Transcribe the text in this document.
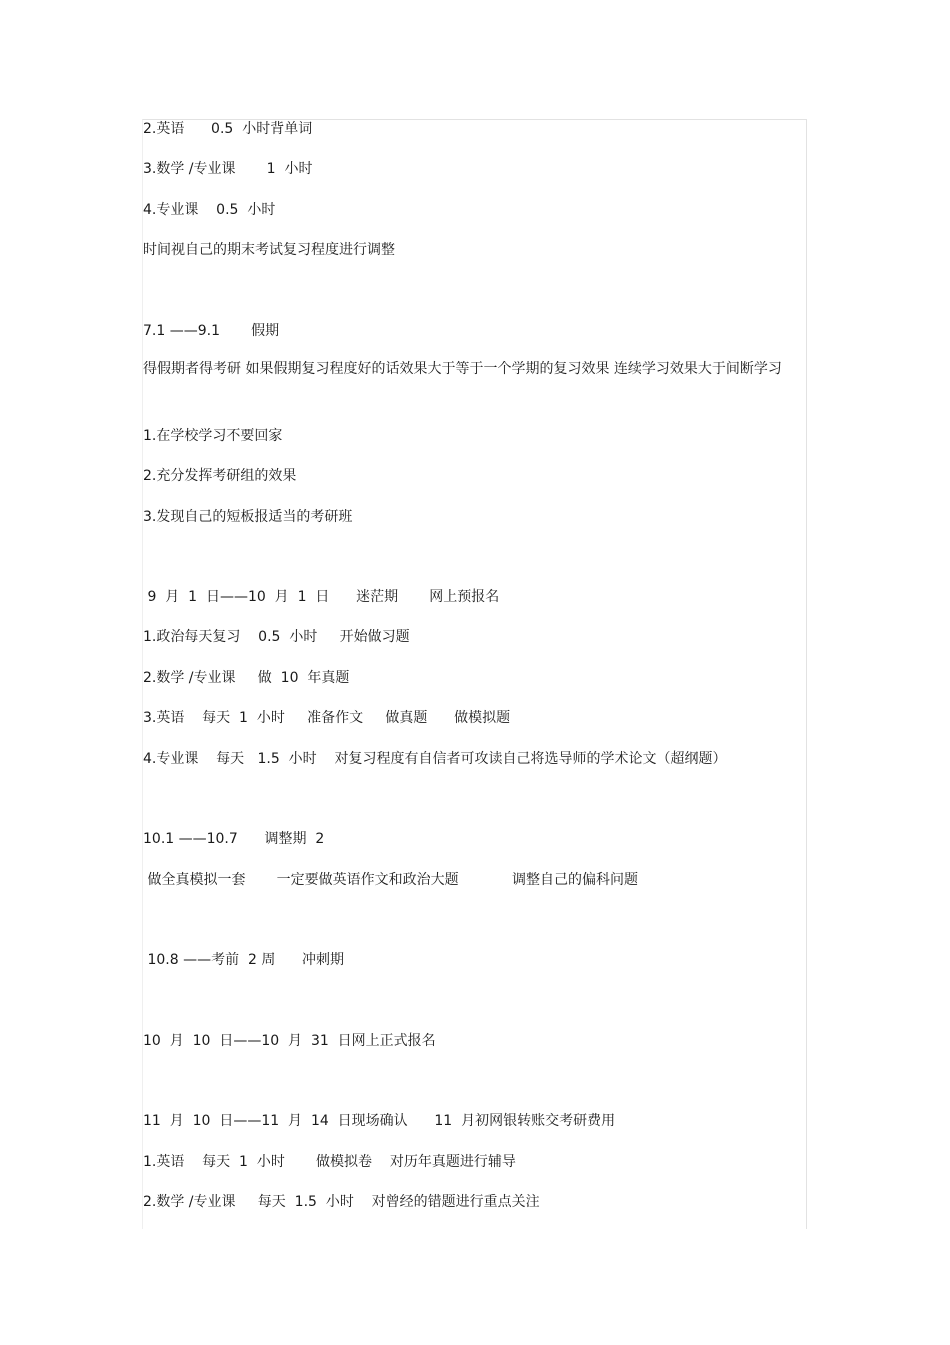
2.英语      0.5  小时背单词
3.数学 /专业课       1  小时
4.专业课    0.5  小时
时间视自己的期末考试复习程度进行调整
7.1 ——9.1       假期
得假期者得考研 如果假期复习程度好的话效果大于等于一个学期的复习效果 连续学习效果大于间断学习
1.在学校学习不要回家
2.充分发挥考研组的效果
3.发现自己的短板报适当的考研班
9  月  1  日——10  月  1  日      迷茫期       网上预报名
1.政治每天复习    0.5  小时     开始做习题
2.数学 /专业课     做  10  年真题
3.英语    每天  1  小时     准备作文     做真题      做模拟题
4.专业课    每天   1.5  小时    对复习程度有自信者可攻读自己将选导师的学术论文（超纲题）
10.1 ——10.7      调整期  2
做全真模拟一套       一定要做英语作文和政治大题            调整自己的偏科问题
10.8 ——考前  2 周      冲刺期
10  月  10  日——10  月  31  日网上正式报名
11  月  10  日——11  月  14  日现场确认      11  月初网银转账交考研费用
1.英语    每天  1  小时       做模拟卷    对历年真题进行辅导
2.数学 /专业课     每天  1.5  小时    对曾经的错题进行重点关注
